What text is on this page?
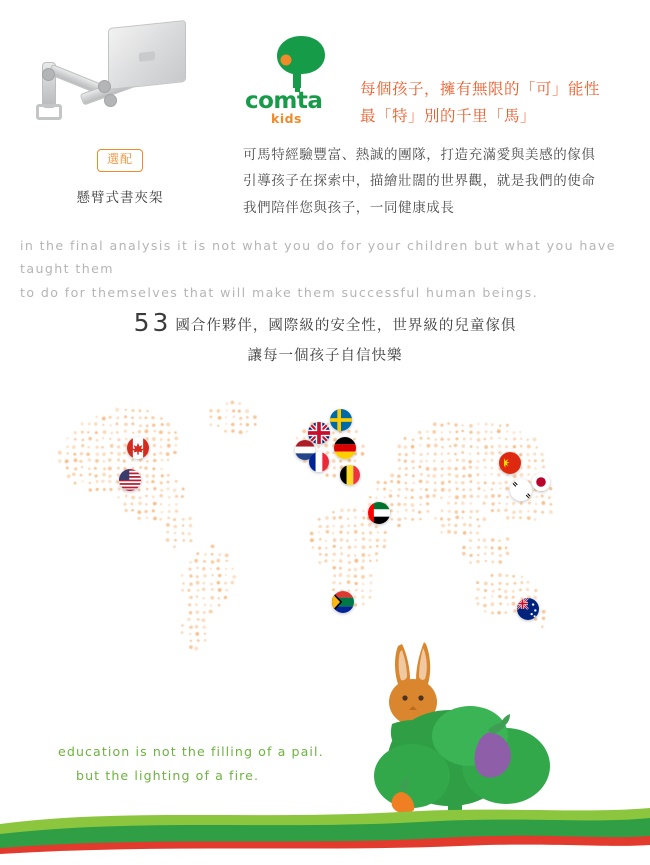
選配
懸臂式書夾架
comta
kids
每個孩子，擁有無限的「可」能性
最「特」別的千里「馬」
可馬特經驗豐富、熱誠的團隊，打造充滿愛與美感的傢俱
引導孩子在探索中，描繪壯闊的世界觀，就是我們的使命
我們陪伴您與孩子，一同健康成長
in the final analysis it is not what you do for your children but what you have taught them
to do for themselves that will make them successful human beings.
53 國合作夥伴，國際級的安全性，世界級的兒童傢俱
讓每一個孩子自信快樂
education is not the filling of a pail.
but the lighting of a fire.
